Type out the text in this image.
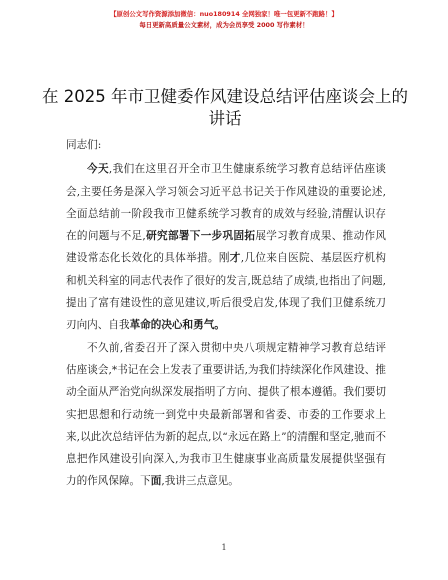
【原创公文写作资源添加微信：nuo180914 全网独家！唯一包更新不跑路！】
每日更新高质量公文素材，成为会员享受 2000 写作素材！
在 2025 年市卫健委作风建设总结评估座谈会上的讲话

同志们:

今天,我们在这里召开全市卫生健康系统学习教育总结评估座谈会,主要任务是深入学习领会习近平总书记关于作风建设的重要论述,全面总结前一阶段我市卫健系统学习教育的成效与经验,清醒认识存在的问题与不足,研究部署下一步巩固拓展学习教育成果、推动作风建设常态化长效化的具体举措。刚才,几位来自医院、基层医疗机构和机关科室的同志代表作了很好的发言,既总结了成绩,也指出了问题,提出了富有建设性的意见建议,听后很受启发,体现了我们卫健系统刀刃向内、自我革命的决心和勇气。

不久前,省委召开了深入贯彻中央八项规定精神学习教育总结评估座谈会,*书记在会上发表了重要讲话,为我们持续深化作风建设、推动全面从严治党向纵深发展指明了方向、提供了根本遵循。我们要切实把思想和行动统一到党中央最新部署和省委、市委的工作要求上来,以此次总结评估为新的起点,以“永远在路上”的清醒和坚定,驰而不息把作风建设引向深入,为我市卫生健康事业高质量发展提供坚强有力的作风保障。下面,我讲三点意见。

1
